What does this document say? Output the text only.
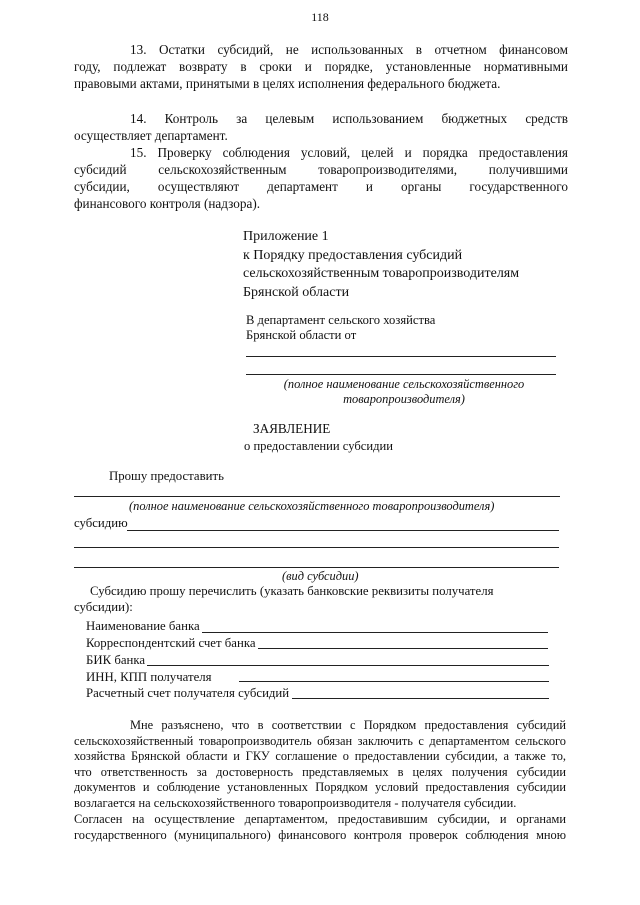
118
13. Остатки субсидий, не использованных в отчетном финансовом
году, подлежат возврату в сроки и порядке, установленные нормативными
правовыми актами, принятыми в целях исполнения федерального бюджета.
14. Контроль за целевым использованием бюджетных средств
осуществляет департамент.
15. Проверку соблюдения условий, целей и порядка предоставления
субсидий сельскохозяйственным товаропроизводителями, получившими
субсидии, осуществляют департамент и органы государственного
финансового контроля (надзора).
Приложение 1
к Порядку предоставления субсидий
сельскохозяйственным товаропроизводителям
Брянской области
В департамент сельского хозяйства
Брянской области от
(полное наименование сельскохозяйственного
товаропроизводителя)
ЗАЯВЛЕНИЕ
о предоставлении субсидии
Прошу предоставить
(полное наименование сельскохозяйственного товаропроизводителя)
субсидию
(вид субсидии)
Субсидию прошу перечислить (указать банковские реквизиты получателя
субсидии):
Наименование банка
Корреспондентский счет банка
БИК банка
ИНН, КПП получателя
Расчетный счет получателя субсидий
Мне разъяснено, что в соответствии с Порядком предоставления субсидий
сельскохозяйственный товаропроизводитель обязан заключить с департаментом сельского
хозяйства Брянской области и ГКУ соглашение о предоставлении субсидии, а также то,
что ответственность за достоверность представляемых в целях получения субсидии
документов и соблюдение установленных Порядком условий предоставления субсидии
возлагается на сельскохозяйственного товаропроизводителя - получателя субсидии.
Согласен на осуществление департаментом, предоставившим субсидии, и органами
государственного (муниципального) финансового контроля проверок соблюдения мною
